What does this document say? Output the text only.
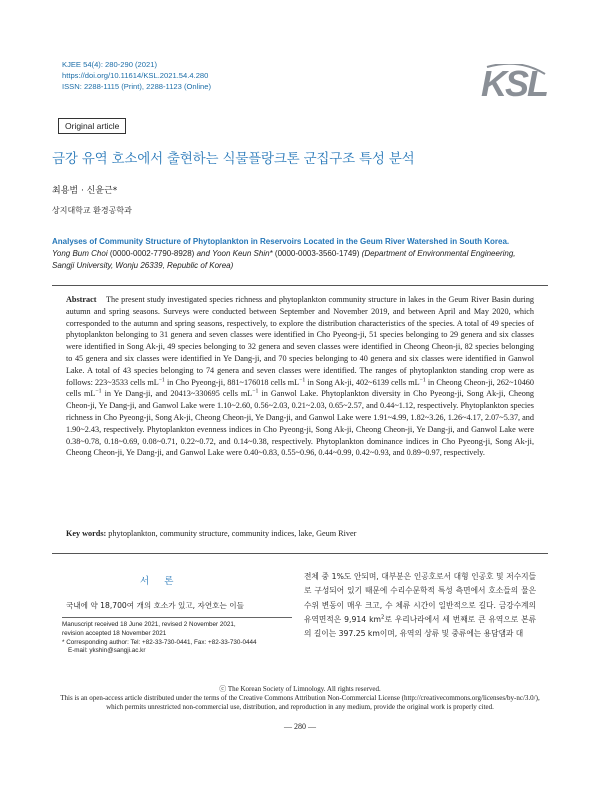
KJEE 54(4): 280-290 (2021)
https://doi.org/10.11614/KSL.2021.54.4.280
ISSN: 2288-1115 (Print), 2288-1123 (Online)	KSL
Original article
금강 유역 호소에서 출현하는 식물플랑크톤 군집구조 특성 분석
최용범 · 신윤근*
상지대학교 환경공학과
Analyses of Community Structure of Phytoplankton in Reservoirs Located in the Geum River Watershed in South Korea. Yong Bum Choi (0000-0002-7790-8928) and Yoon Keun Shin* (0000-0003-3560-1749) (Department of Environmental Engineering, Sangji University, Wonju 26339, Republic of Korea)
Abstract The present study investigated species richness and phytoplankton community structure in lakes in the Geum River Basin during autumn and spring seasons. Surveys were conducted between September and November 2019, and between April and May 2020, which corresponded to the autumn and spring seasons, respectively, to explore the distribution characteristics of the species. A total of 49 species of phytoplankton belonging to 31 genera and seven classes were identified in Cho Pyeong-ji, 51 species belonging to 29 genera and six classes were identified in Song Ak-ji, 49 species belonging to 32 genera and seven classes were identified in Cheong Cheon-ji, 82 species belonging to 45 genera and six classes were identified in Ye Dang-ji, and 70 species belonging to 40 genera and six classes were identified in Ganwol Lake. A total of 43 species belonging to 74 genera and seven classes were identified. The ranges of phytoplankton standing crop were as follows: 223~3533 cells $mL^{-1}$ in Cho Pyeong-ji, 881~176018 cells $mL^{-1}$ in Song Ak-ji, 402~6139 cells $mL^{-1}$ in Cheong Cheon-ji, 262~10460 cells $mL^{-1}$ in Ye Dang-ji, and 20413~330695 cells $mL^{-1}$ in Ganwol Lake. Phytoplankton diversity in Cho Pyeong-ji, Song Ak-ji, Cheong Cheon-ji, Ye Dang-ji, and Ganwol Lake were 1.10~2.60, 0.56~2.03, 0.21~2.03, 0.65~2.57, and 0.44~1.12, respectively. Phytoplankton species richness in Cho Pyeong-ji, Song Ak-ji, Cheong Cheon-ji, Ye Dang-ji, and Ganwol Lake were 1.91~4.99, 1.82~3.26, 1.26~4.17, 2.07~5.37, and 1.90~2.43, respectively. Phytoplankton evenness indices in Cho Pyeong-ji, Song Ak-ji, Cheong Cheon-ji, Ye Dang-ji, and Ganwol Lake were 0.38~0.78, 0.18~0.69, 0.08~0.71, 0.22~0.72, and 0.14~0.38, respectively. Phytoplankton dominance indices in Cho Pyeong-ji, Song Ak-ji, Cheong Cheon-ji, Ye Dang-ji, and Ganwol Lake were 0.40~0.83, 0.55~0.96, 0.44~0.99, 0.42~0.93, and 0.89~0.97, respectively.
Key words: phytoplankton, community structure, community indices, lake, Geum River
서 론
국내에 약 18,700여 개의 호소가 있고, 자연호는 이들
Manuscript received 18 June 2021, revised 2 November 2021,
revision accepted 18 November 2021
* Corresponding author: Tel: +82-33-730-0441, Fax: +82-33-730-0444
E-mail: ykshin@sangji.ac.kr
전체 중 1%도 안되며, 대부분은 인공호로서 대형 인공호 및 저수지들로 구성되어 있기 때문에 수리수문학적 특성 측면에서 호소들의 물은 수위 변동이 매우 크고, 수 체류 시간이 일반적으로 길다. 금강수계의 유역면적은 9,914 $km^2$로 우리나라에서 세 번째로 큰 유역으로 본류의 길이는 397.25 km이며, 유역의 상류 및 중류에는 용담댐과 대
ⓒ The Korean Society of Limnology. All rights reserved.
This is an open-access article distributed under the terms of the Creative Commons Attribution Non-Commercial License (http://creativecommons.org/licenses/by-nc/3.0/),
which permits unrestricted non-commercial use, distribution, and reproduction in any medium, provide the original work is properly cited.
― 280 ―
